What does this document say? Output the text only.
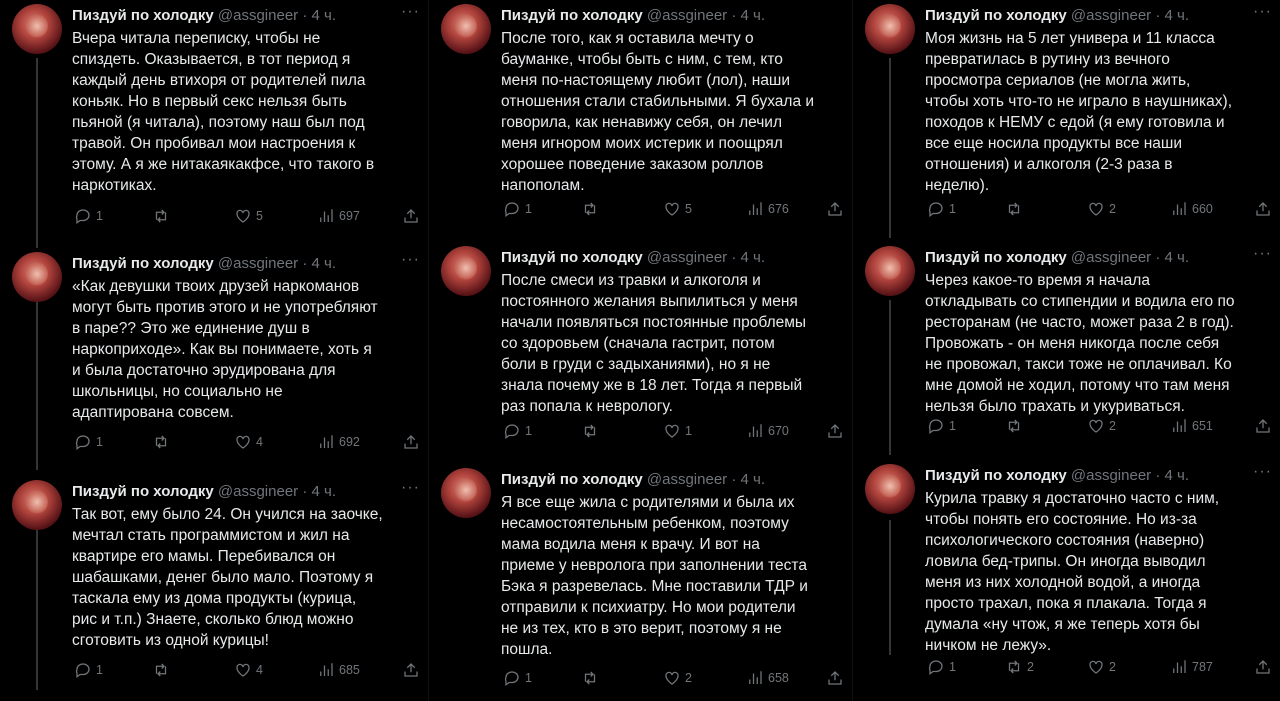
Пиздуй по холодку @assgineer · 4 ч.	···
Вчера читала переписку, чтобы не
спиздеть. Оказывается, в тот период я
каждый день втихоря от родителей пила
коньяк. Но в первый секс нельзя быть
пьяной (я читала), поэтому наш был под
травой. Он пробивал мои настроения к
этому. А я же нитакаякакфсе, что такого в
наркотиках.
1	5	697
Пиздуй по холодку @assgineer · 4 ч.	···
«Как девушки твоих друзей наркоманов
могут быть против этого и не употребляют
в паре?? Это же единение душ в
наркоприходе». Как вы понимаете, хоть я
и была достаточно эрудирована для
школьницы, но социально не
адаптирована совсем.
1	4	692
Пиздуй по холодку @assgineer · 4 ч.	···
Так вот, ему было 24. Он учился на заочке,
мечтал стать программистом и жил на
квартире его мамы. Перебивался он
шабашками, денег было мало. Поэтому я
таскала ему из дома продукты (курица,
рис и т.п.) Знаете, сколько блюд можно
сготовить из одной курицы!
1	4	685
Пиздуй по холодку @assgineer · 4 ч.
После того, как я оставила мечту о
бауманке, чтобы быть с ним, с тем, кто
меня по-настоящему любит (лол), наши
отношения стали стабильными. Я бухала и
говорила, как ненавижу себя, он лечил
меня игнором моих истерик и поощрял
хорошее поведение заказом роллов
напополам.
1	5	676
Пиздуй по холодку @assgineer · 4 ч.
После смеси из травки и алкоголя и
постоянного желания выпилиться у меня
начали появляться постоянные проблемы
со здоровьем (сначала гастрит, потом
боли в груди с задыханиями), но я не
знала почему же в 18 лет. Тогда я первый
раз попала к неврологу.
1	1	670
Пиздуй по холодку @assgineer · 4 ч.
Я все еще жила с родителями и была их
несамостоятельным ребенком, поэтому
мама водила меня к врачу. И вот на
приеме у невролога при заполнении теста
Бэка я разревелась. Мне поставили ТДР и
отправили к психиатру. Но мои родители
не из тех, кто в это верит, поэтому я не
пошла.
1	2	658
Пиздуй по холодку @assgineer · 4 ч.	···
Моя жизнь на 5 лет универа и 11 класса
превратилась в рутину из вечного
просмотра сериалов (не могла жить,
чтобы хоть что-то не играло в наушниках),
походов к НЕМУ с едой (я ему готовила и
все еще носила продукты все наши
отношения) и алкоголя (2-3 раза в
неделю).
1	2	660
Пиздуй по холодку @assgineer · 4 ч.	···
Через какое-то время я начала
откладывать со стипендии и водила его по
ресторанам (не часто, может раза 2 в год).
Провожать - он меня никогда после себя
не провожал, такси тоже не оплачивал. Ко
мне домой не ходил, потому что там меня
нельзя было трахать и укуриваться.
1	2	651
Пиздуй по холодку @assgineer · 4 ч.	···
Курила травку я достаточно часто с ним,
чтобы понять его состояние. Но из-за
психологического состояния (наверно)
ловила бед-трипы. Он иногда выводил
меня из них холодной водой, а иногда
просто трахал, пока я плакала. Тогда я
думала «ну чтож, я же теперь хотя бы
ничком не лежу».
1	2	2	787
